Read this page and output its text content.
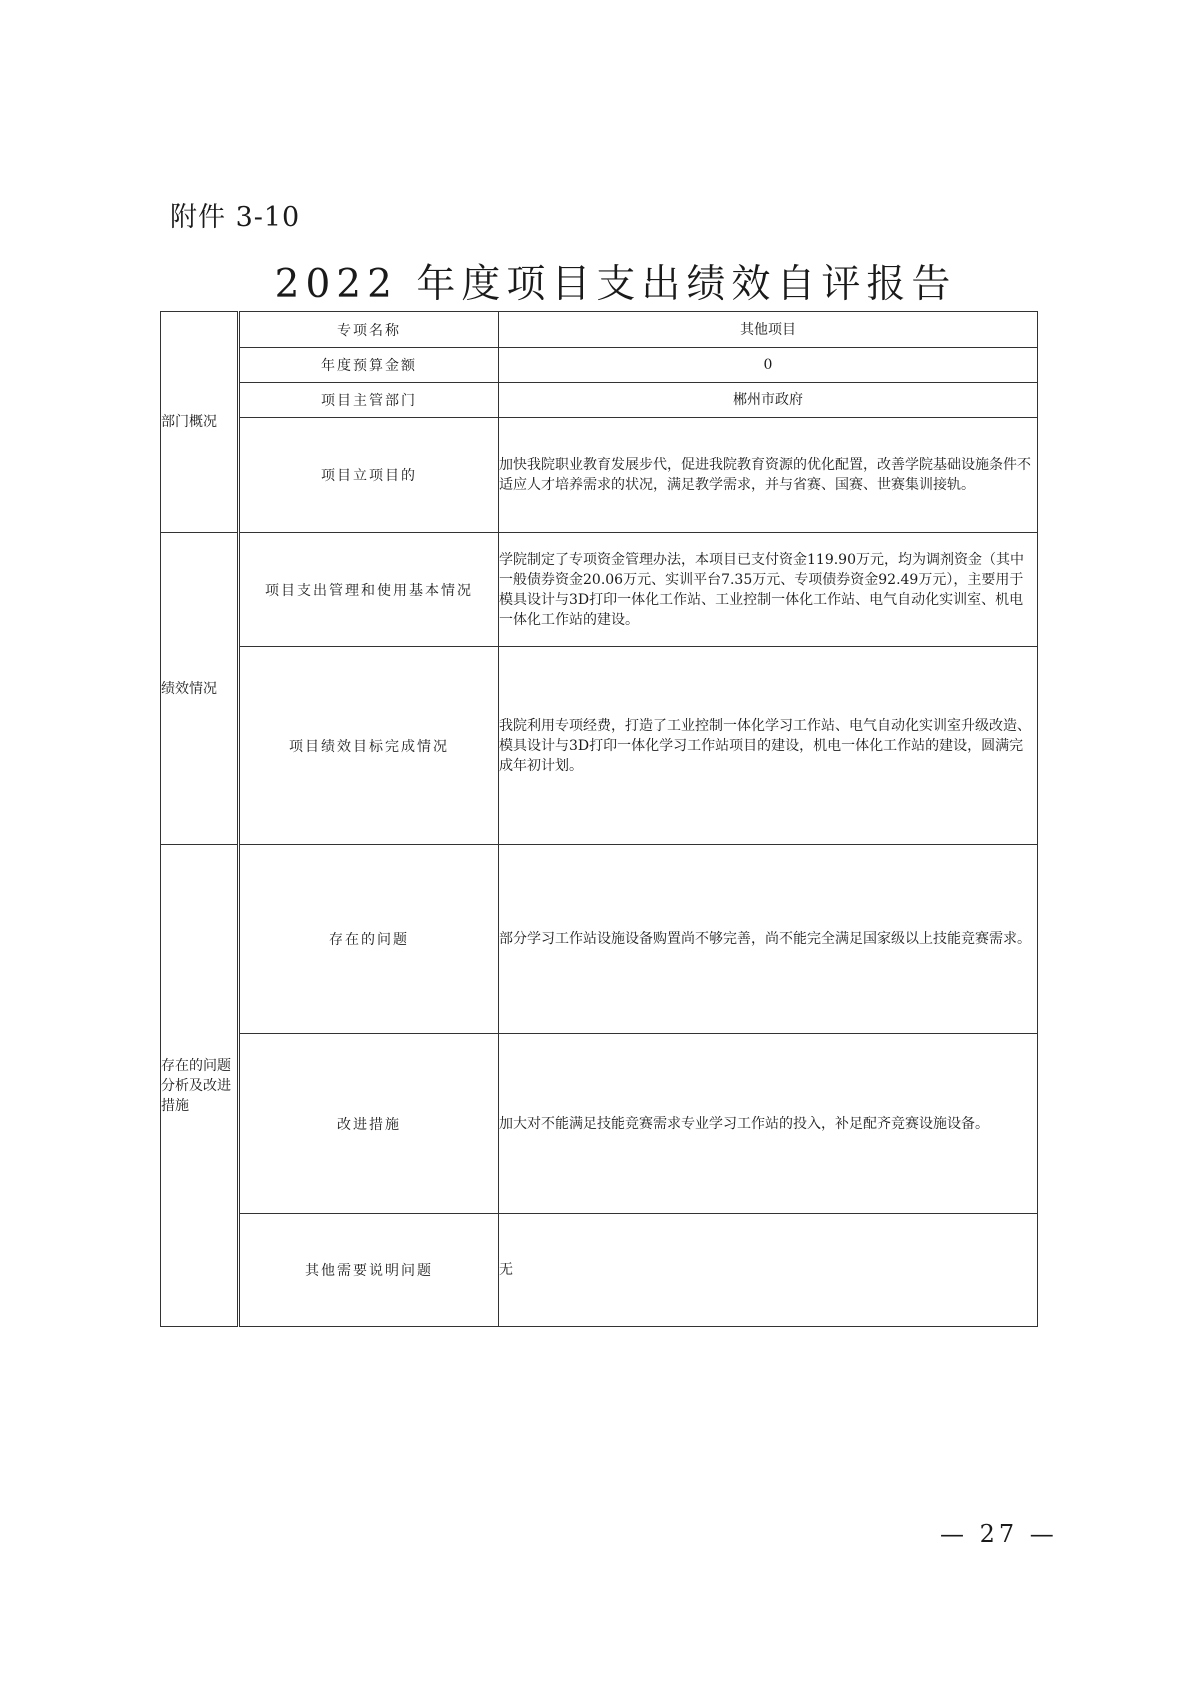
附件 3-10
2022 年度项目支出绩效自评报告
部门概况	专项名称	其他项目
	年度预算金额	0
	项目主管部门	郴州市政府
	项目立项目的	加快我院职业教育发展步代，促进我院教育资源的优化配置，改善学院基础设施条件不适应人才培养需求的状况，满足教学需求，并与省赛、国赛、世赛集训接轨。
绩效情况	项目支出管理和使用基本情况	学院制定了专项资金管理办法，本项目已支付资金119.90万元，均为调剂资金（其中一般债券资金20.06万元、实训平台7.35万元、专项债券资金92.49万元），主要用于模具设计与3D打印一体化工作站、工业控制一体化工作站、电气自动化实训室、机电一体化工作站的建设。
	项目绩效目标完成情况	我院利用专项经费，打造了工业控制一体化学习工作站、电气自动化实训室升级改造、模具设计与3D打印一体化学习工作站项目的建设，机电一体化工作站的建设，圆满完成年初计划。
存在的问题分析及改进措施	存在的问题	部分学习工作站设施设备购置尚不够完善，尚不能完全满足国家级以上技能竞赛需求。
	改进措施	加大对不能满足技能竞赛需求专业学习工作站的投入，补足配齐竞赛设施设备。
	其他需要说明问题	无
— 27 —
